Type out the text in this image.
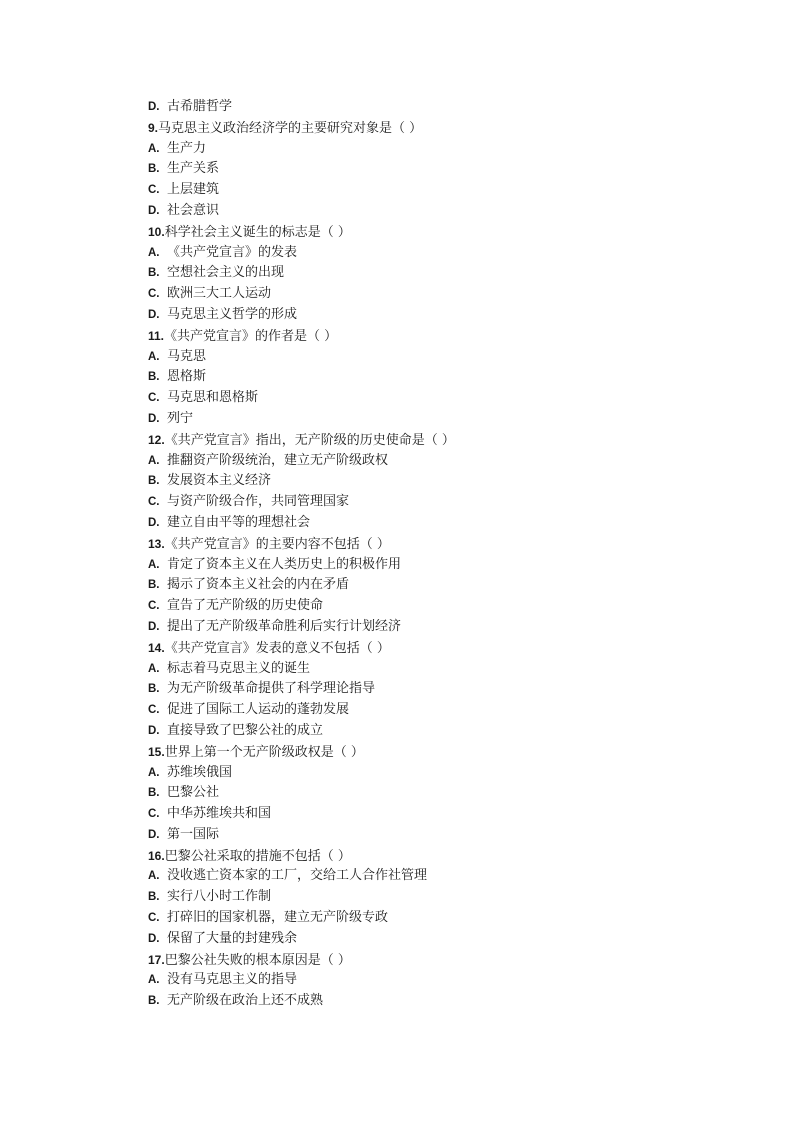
D. 古希腊哲学
9.马克思主义政治经济学的主要研究对象是（ ）
A. 生产力
B. 生产关系
C. 上层建筑
D. 社会意识
10.科学社会主义诞生的标志是（ ）
A. 《共产党宣言》的发表
B. 空想社会主义的出现
C. 欧洲三大工人运动
D. 马克思主义哲学的形成
11.《共产党宣言》的作者是（ ）
A. 马克思
B. 恩格斯
C. 马克思和恩格斯
D. 列宁
12.《共产党宣言》指出，无产阶级的历史使命是（ ）
A. 推翻资产阶级统治，建立无产阶级政权
B. 发展资本主义经济
C. 与资产阶级合作，共同管理国家
D. 建立自由平等的理想社会
13.《共产党宣言》的主要内容不包括（ ）
A. 肯定了资本主义在人类历史上的积极作用
B. 揭示了资本主义社会的内在矛盾
C. 宣告了无产阶级的历史使命
D. 提出了无产阶级革命胜利后实行计划经济
14.《共产党宣言》发表的意义不包括（ ）
A. 标志着马克思主义的诞生
B. 为无产阶级革命提供了科学理论指导
C. 促进了国际工人运动的蓬勃发展
D. 直接导致了巴黎公社的成立
15.世界上第一个无产阶级政权是（ ）
A. 苏维埃俄国
B. 巴黎公社
C. 中华苏维埃共和国
D. 第一国际
16.巴黎公社采取的措施不包括（ ）
A. 没收逃亡资本家的工厂，交给工人合作社管理
B. 实行八小时工作制
C. 打碎旧的国家机器，建立无产阶级专政
D. 保留了大量的封建残余
17.巴黎公社失败的根本原因是（ ）
A. 没有马克思主义的指导
B. 无产阶级在政治上还不成熟
